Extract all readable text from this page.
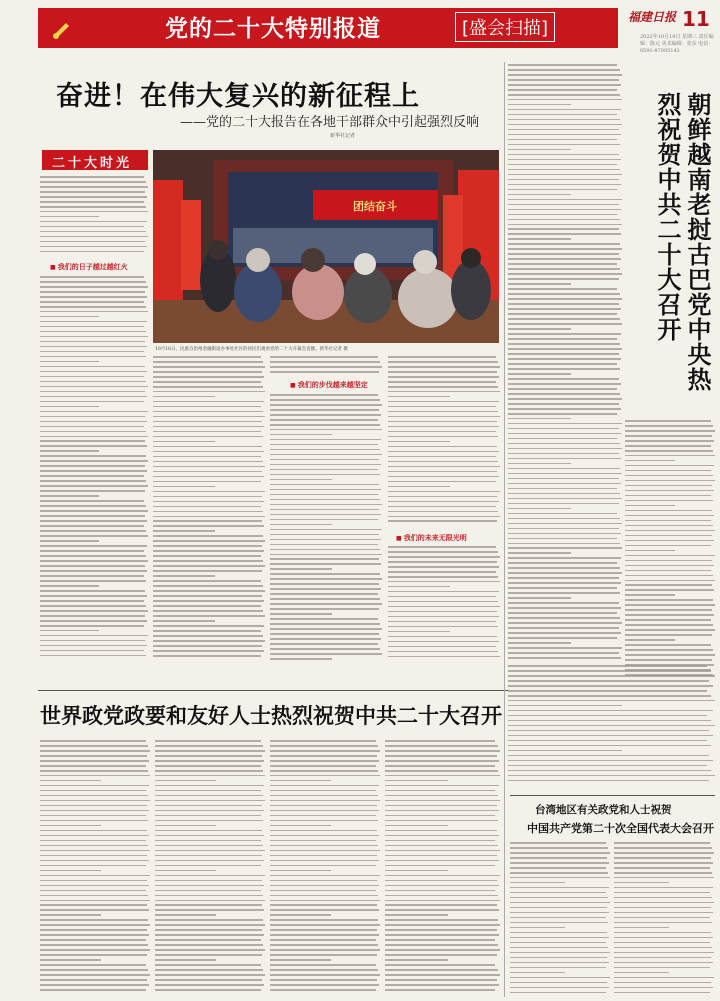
党的二十大特别报道	[盛会扫描]
福建日报 11
2022年10月19日 星期三 责任编辑：陈元 美术编辑：张东 电话：0591-87095142
奋进！在伟大复兴的新征程上
——党的二十大报告在各地干部群众中引起强烈反响
新华社记者
二十大时光
■ 我们的日子越过越红火
团结奋斗
10月16日，民族自治州金融街道办事处社区的居民们观看党的二十大开幕会直播。新华社记者 摄
■ 我们的步伐越来越坚定
■ 我们的未来无限光明
朝鲜越南老挝古巴党中央热烈祝贺中共二十大召开
世界政党政要和友好人士热烈祝贺中共二十大召开
台湾地区有关政党和人士祝贺
中国共产党第二十次全国代表大会召开
